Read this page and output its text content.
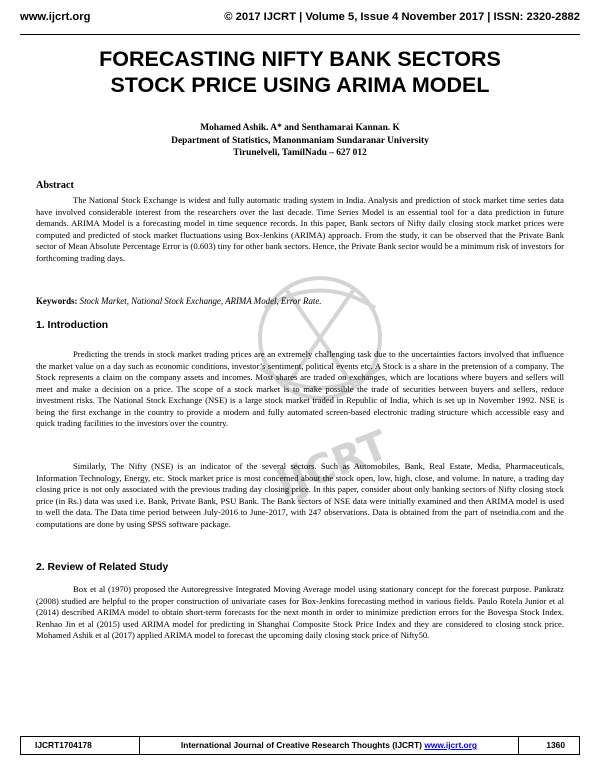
www.ijcrt.org	© 2017 IJCRT | Volume 5, Issue 4 November 2017 | ISSN: 2320-2882
FORECASTING NIFTY BANK SECTORS
STOCK PRICE USING ARIMA MODEL
Mohamed Ashik. A* and Senthamarai Kannan. K
Department of Statistics, Manonmaniam Sundaranar University
Tirunelveli, TamilNadu – 627 012
IJCRT
Abstract
The National Stock Exchange is widest and fully automatic trading system in India. Analysis and prediction of stock market time series data have involved considerable interest from the researchers over the last decade. Time Series Model is an essential tool for a data prediction in future demands. ARIMA Model is a forecasting model in time sequence records. In this paper, Bank sectors of Nifty daily closing stock market prices were computed and predicted of stock market fluctuations using Box-Jenkins (ARIMA) approach. From the study, it can be observed that the Private Bank sector of Mean Absolute Percentage Error is (0.603) tiny for other bank sectors. Hence, the Private Bank sector would be a minimum risk of investors for forthcoming trading days.
Keywords: Stock Market, National Stock Exchange, ARIMA Model, Error Rate.
1. Introduction
Predicting the trends in stock market trading prices are an extremely challenging task due to the uncertainties factors involved that influence the market value on a day such as economic conditions, investor’s sentiment, political events etc. A Stock is a share in the pretension of a company. The Stock represents a claim on the company assets and incomes. Most shares are traded on exchanges, which are locations where buyers and sellers will meet and make a decision on a price. The scope of a stock market is to make possible the trade of securities between buyers and sellers, reduce investment risks. The National Stock Exchange (NSE) is a large stock market traded in Republic of India, which is set up in November 1992. NSE is being the first exchange in the country to provide a modern and fully automated screen-based electronic trading structure which accessible easy and quick trading facilities to the investors over the country.
Similarly, The Nifty (NSE) is an indicator of the several sectors. Such as Automobiles, Bank, Real Estate, Media, Pharmaceuticals, Information Technology, Energy, etc. Stock market price is most concerned about the stock open, low, high, close, and volume. In nature, a trading day closing price is not only associated with the previous trading day closing price. In this paper, consider about only banking sectors of Nifty closing stock price (in Rs.) data was used i.e. Bank, Private Bank, PSU Bank. The Bank sectors of NSE data were initially examined and then ARIMA model is used to well the data. The Data time period between July-2016 to June-2017, with 247 observations. Data is obtained from the part of nseindia.com and the computations are done by using SPSS software package.
2. Review of Related Study
Box et al (1970) proposed the Autoregressive Integrated Moving Average model using stationary concept for the forecast purpose. Pankratz (2008) studied are helpful to the proper construction of univariate cases for Box-Jenkins forecasting method in various fields. Paulo Rotela Junior et al (2014) described ARIMA model to obtain short-term forecasts for the next month in order to minimize prediction errors for the Bovespa Stock Index. Renhao Jin et al (2015) used ARIMA model for predicting in Shanghai Composite Stock Price Index and they are considered to closing stock price. Mohamed Ashik et al (2017) applied ARIMA model to forecast the upcoming daily closing stock price of Nifty50.
IJCRT1704178	International Journal of Creative Research Thoughts (IJCRT) www.ijcrt.org	1360
